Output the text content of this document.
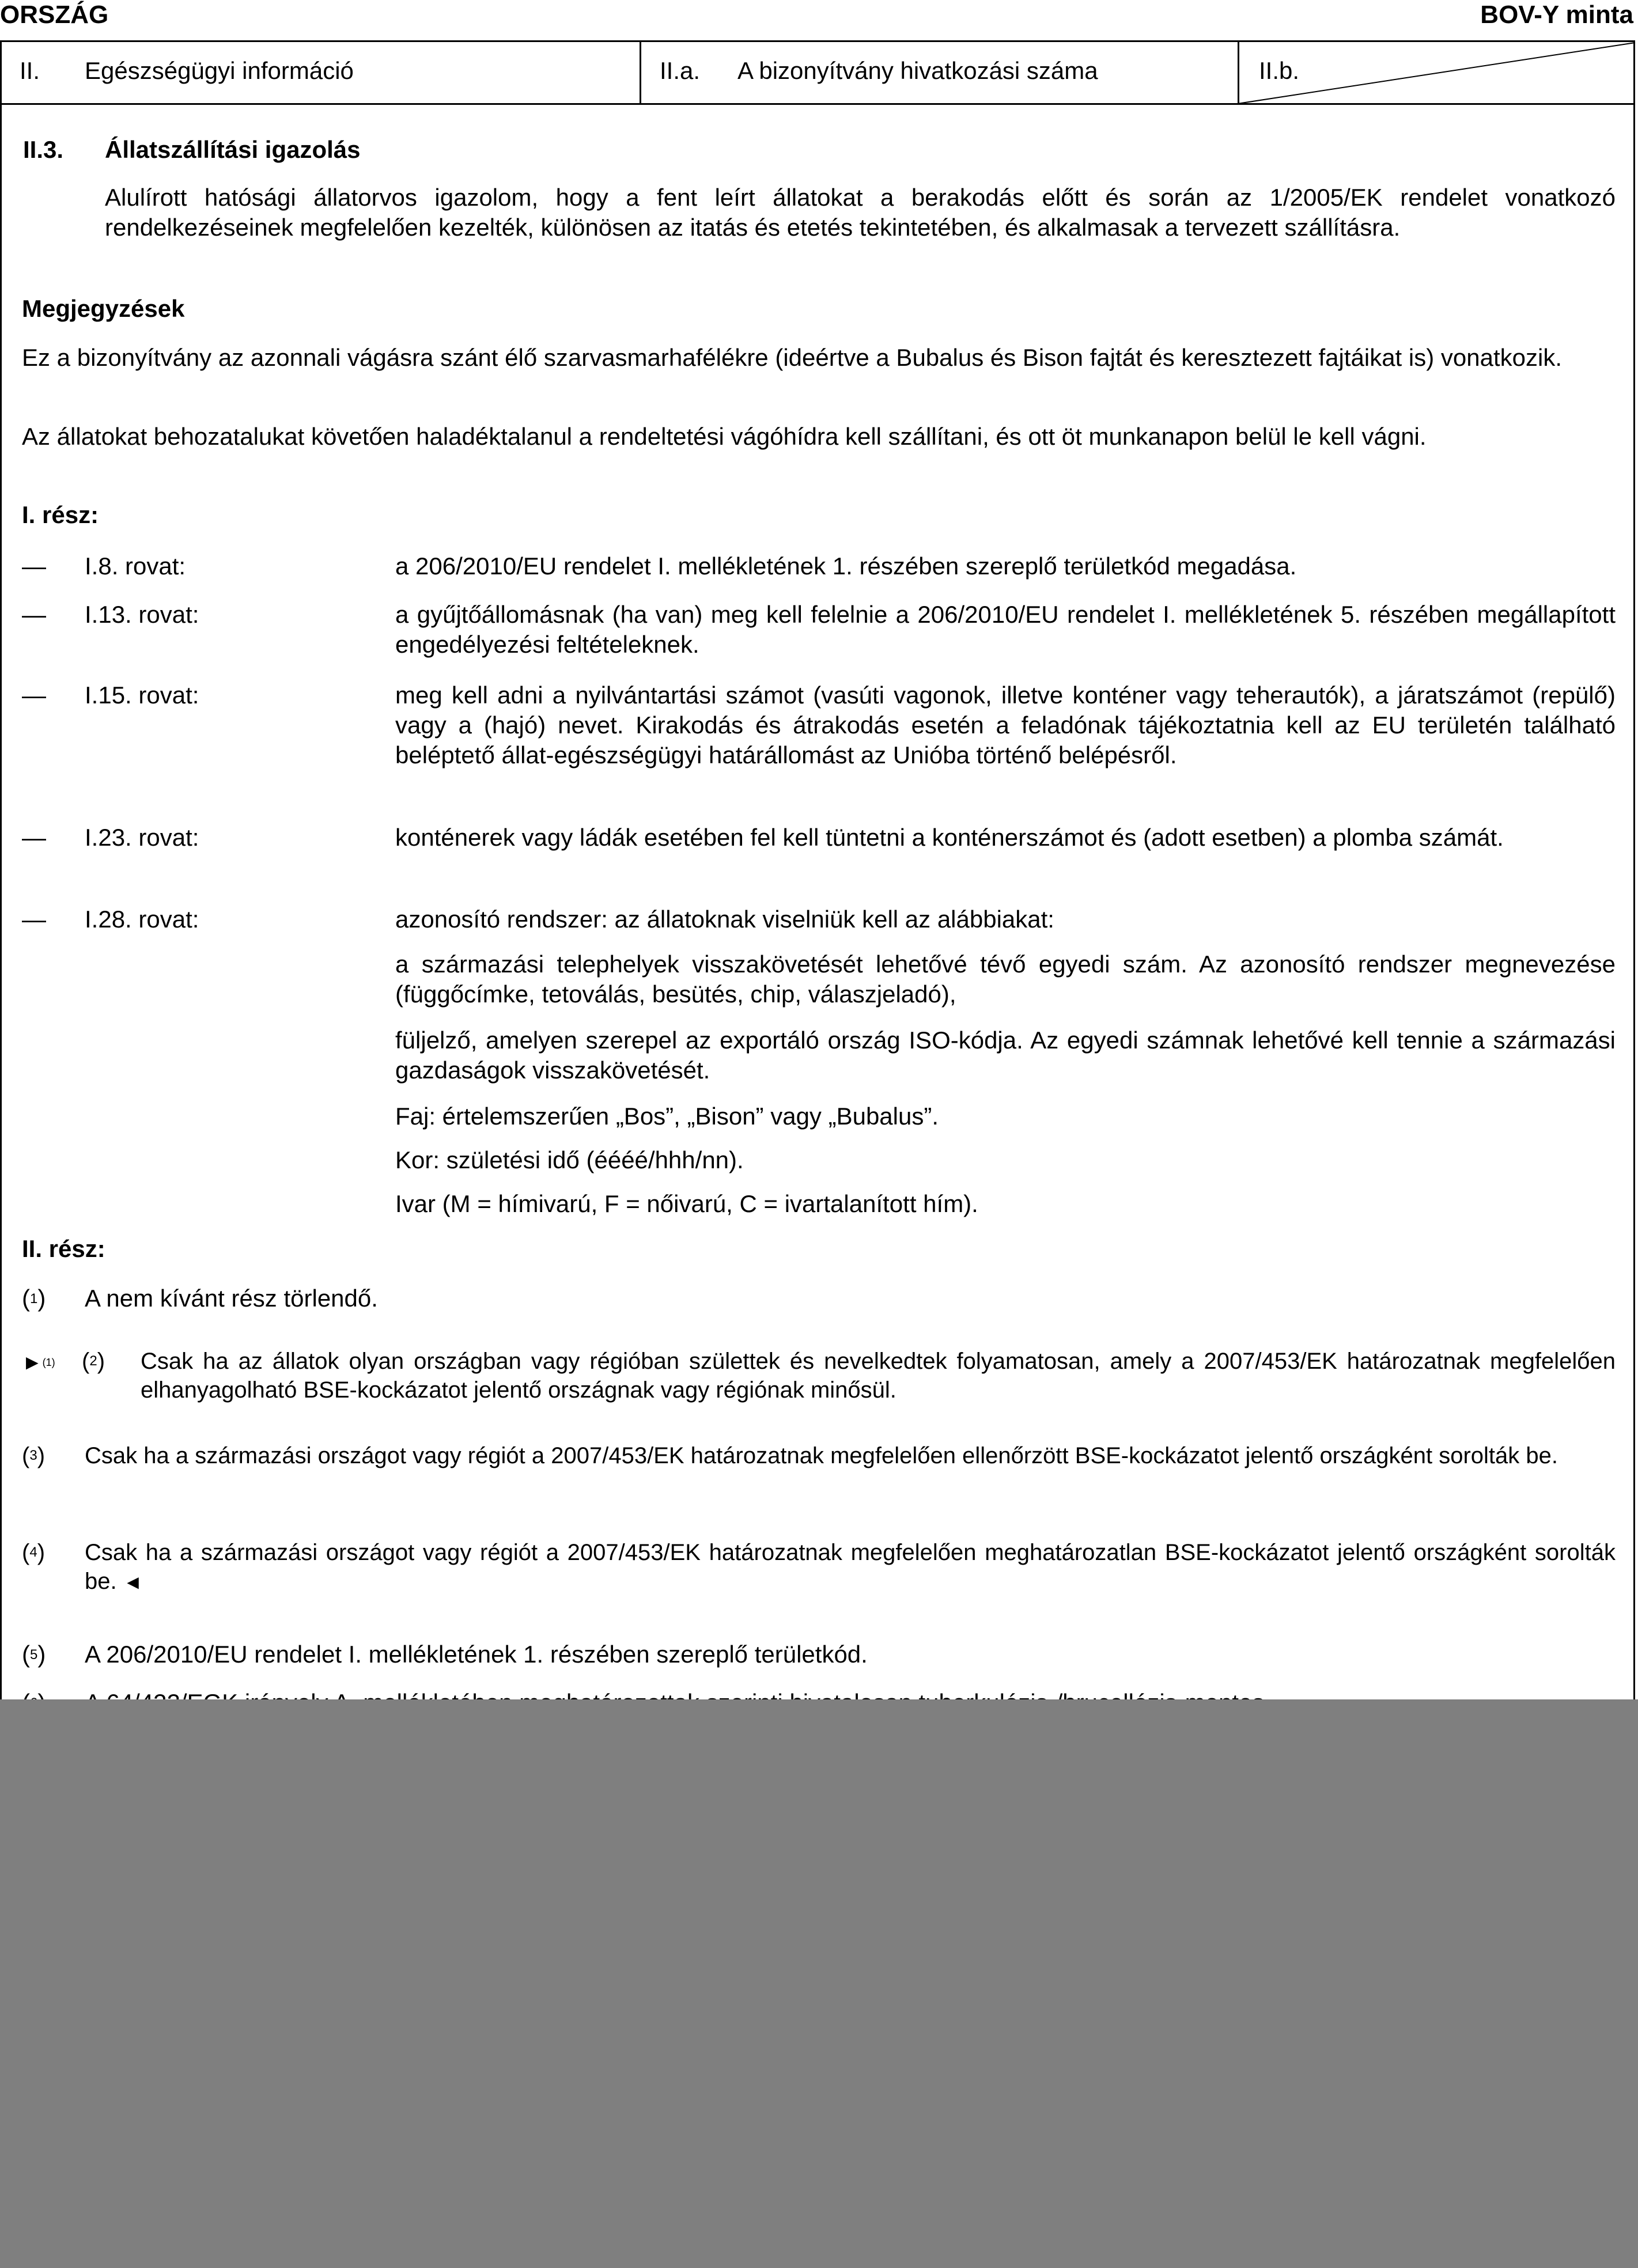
ORSZÁG	BOV-Y minta
II. Egészségügyi információ	II.a. A bizonyítvány hivatkozási száma	II.b.
II.3. Állatszállítási igazolás
Alulírott hatósági állatorvos igazolom, hogy a fent leírt állatokat a berakodás előtt és során az 1/2005/EK rendelet vonatkozó rendelkezéseinek megfelelően kezelték, különösen az itatás és etetés tekintetében, és alkalmasak a tervezett szállításra.
Megjegyzések
Ez a bizonyítvány az azonnali vágásra szánt élő szarvasmarhafélékre (ideértve a Bubalus és Bison fajtát és keresztezett fajtáikat is) vonatkozik.
Az állatokat behozatalukat követően haladéktalanul a rendeltetési vágóhídra kell szállítani, és ott öt munkanapon belül le kell vágni.
I. rész:
— I.8. rovat:	a 206/2010/EU rendelet I. mellékletének 1. részében szereplő területkód megadása.
— I.13. rovat:	a gyűjtőállomásnak (ha van) meg kell felelnie a 206/2010/EU rendelet I. mellékletének 5. részében megállapított engedélyezési feltételeknek.
— I.15. rovat:	meg kell adni a nyilvántartási számot (vasúti vagonok, illetve konténer vagy teherautók), a járatszámot (repülő) vagy a (hajó) nevet. Kirakodás és átrakodás esetén a feladónak tájékoztatnia kell az EU területén található beléptető állat-egészségügyi határállomást az Unióba történő belépésről.
— I.23. rovat:	konténerek vagy ládák esetében fel kell tüntetni a konténerszámot és (adott esetben) a plomba számát.
— I.28. rovat:	azonosító rendszer: az állatoknak viselniük kell az alábbiakat:
a származási telephelyek visszakövetését lehetővé tévő egyedi szám. Az azonosító rendszer megnevezése (függőcímke, tetoválás, besütés, chip, válaszjeladó),
füljelző, amelyen szerepel az exportáló ország ISO-kódja. Az egyedi számnak lehetővé kell tennie a származási gazdaságok visszakövetését.
Faj: értelemszerűen „Bos”, „Bison” vagy „Bubalus”.
Kor: születési idő (éééé/hhh/nn).
Ivar (M = hímivarú, F = nőivarú, C = ivartalanított hím).
II. rész:
($^1$) A nem kívánt rész törlendő.
►$^{(1)}$ ($^2$) Csak ha az állatok olyan országban vagy régióban születtek és nevelkedtek folyamatosan, amely a 2007/453/EK határozatnak megfelelően elhanyagolható BSE-kockázatot jelentő országnak vagy régiónak minősül.
($^3$) Csak ha a származási országot vagy régiót a 2007/453/EK határozatnak megfelelően ellenőrzött BSE-kockázatot jelentő országként sorolták be.
($^4$) Csak ha a származási országot vagy régiót a 2007/453/EK határozatnak megfelelően meghatározatlan BSE-kockázatot jelentő országként sorolták be. ◄
($^5$) A 206/2010/EU rendelet I. mellékletének 1. részében szereplő területkód.
